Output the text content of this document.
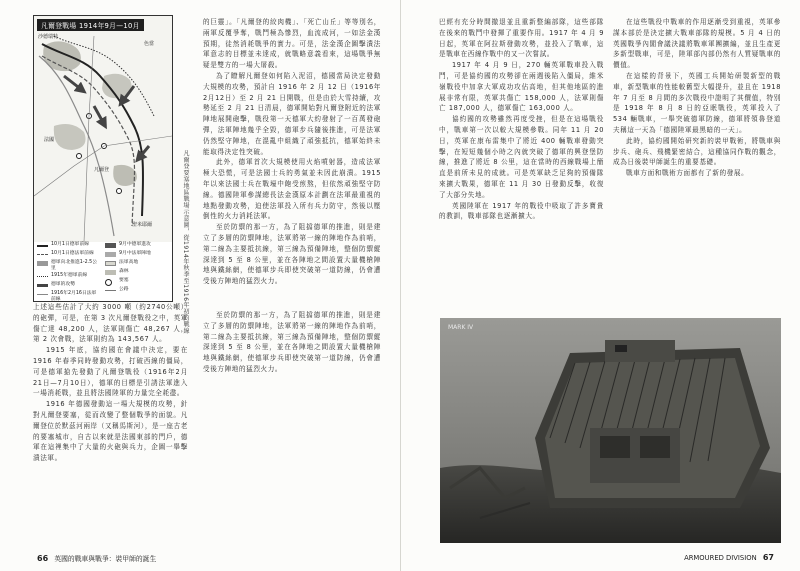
凡爾登戰場 1914年9月—10月
沙德瑞特
法國
色當
凡爾登
聖米耶爾
10月1日德軍前線
10月1日德法軍前線
德軍向北推進1-2.5公里
1915年德軍前線
德軍的攻勢
1916年2月16日法軍前線
9月中德軍進攻
9月中法軍陣地
法軍高地
森林
要塞
公路	凡爾登要塞地區戰場示意圖，從1914年秋季至1916年初的戰線

的巨靈」。「凡爾登的絞肉機」、「死亡山丘」等等別名，兩軍反覆爭奪，戰鬥極為慘烈，血流成河，一如法金漢預期，徒然消耗戰爭的實力。可是，法金漢企圖擊潰法軍意志的目標並未達成，就戰略意義看來，這場戰爭無疑是雙方的一場大屠殺。

為了瞭解凡爾登如何陷入泥沼，德國當局決定發動大規模的攻勢，預計自 1916 年 2 月 12 日（1916年2月12日）至 2 月 21 日開戰，但是由於大雪持續，攻勢延至 2 月 21 日清晨，德軍開始對凡爾登附近的法軍陣地展開砲擊，戰役第一天德軍大約發射了一百萬發砲彈，法軍陣地幾乎全毀，德軍步兵隨後推進，可是法軍仍然堅守陣地，在混亂中組織了頑強抵抗，德軍始終未能取得決定性突破。

此外，德軍首次大規模使用火焰噴射器，造成法軍極大恐慌，可是法國士兵的勇氣並未因此崩潰。1915 年以來法國士兵在戰壕中飽受煎熬，但依然頑強堅守防線。德國陸軍參謀總長法金漢原本計劃在法軍最重視的地點發動攻勢，迫使法軍投入所有兵力防守，然後以壓倒性的火力消耗法軍。

至於防禦的那一方，為了阻擋德軍的推進，則是建立了多層的防禦陣地，法軍將第一線的陣地作為前哨，第二線為主要抵抗線，第三線為預備陣地，整個防禦縱深達到 5 至 8 公里，並在各陣地之間設置大量機槍陣地與鐵絲網，使德軍步兵即使突破第一道防線，仍會遭受後方陣地的猛烈火力。

上述這些估計了大約 3000 噸（約2740公噸）的砲彈，可是，在第 3 次凡爾登戰役之中，英軍傷亡達 48,200 人，法軍則傷亡 48,267 人，第 2 次會戰，法軍則約為 143,567 人。

1915 年底，協約國在會議中決定，要在 1916 年春季同時發動攻勢，打破西線的僵局，可是德軍搶先發動了凡爾登戰役（1916年2月21日—7月10日），德軍的目標是引誘法軍進入一場消耗戰，並且將法國陸軍的力量完全耗盡。

1916 年德國發動這一場大規模的攻勢，針對凡爾登要塞，從而改變了整個戰爭的面貌。凡爾登位於默茲河兩岸（又稱馬斯河），是一座古老的要塞城市，自古以來就是法國東部的門戶，德軍在這裡集中了大量的火砲與兵力，企圖一舉擊潰法軍。

至於防禦的那一方，為了阻擋德軍的推進，則是建立了多層的防禦陣地，法軍將第一線的陣地作為前哨，第二線為主要抵抗線，第三線為預備陣地，整個防禦縱深達到 5 至 8 公里，並在各陣地之間設置大量機槍陣地與鐵絲網，使德軍步兵即使突破第一道防線，仍會遭受後方陣地的猛烈火力。

66 英國的戰車與戰爭：裝甲師的誕生

巴經有充分時間撤退並且重新整編部隊，這些部隊在後來的戰鬥中發揮了重要作用。1917 年 4 月 9 日起，英軍在阿拉斯發動攻勢，並投入了戰車，這是戰車在西線作戰中的又一次嘗試。

1917 年 4 月 9 日，270 輛英軍戰車投入戰鬥，可是協約國的攻勢卻在兩週後陷入僵局，維米嶺戰役中加拿大軍成功攻佔高地，但其他地區的進展非常有限，英軍共傷亡 158,000 人，法軍則傷亡 187,000 人，德軍傷亡 163,000 人。

協約國的攻勢雖然再度受挫，但是在這場戰役中，戰車第一次以較大規模參戰。同年 11 月 20 日，英軍在康布雷集中了將近 400 輛戰車發動突擊，在短短幾個小時之內就突破了德軍的興登堡防線，推進了將近 8 公里，這在當時的西線戰場上簡直是前所未見的成就。可是英軍缺乏足夠的預備隊來擴大戰果，德軍在 11 月 30 日發動反擊，收復了大部分失地。

英國陸軍在 1917 年的戰役中吸取了許多寶貴的教訓，戰車部隊也逐漸擴大。

在這些戰役中戰車的作用逐漸受到重視，英軍參謀本部於是決定擴大戰車部隊的規模。5 月 4 日的英國戰爭內閣會議決議將戰車軍團擴編，並且生產更多新型戰車，可是，陸軍部內部仍然有人質疑戰車的價值。

在這樣的背景下，英國工兵開始研製新型的戰車，新型戰車的性能較舊型大幅提升，並且在 1918 年 7 月至 8 月間的多次戰役中證明了其價值，特別是 1918 年 8 月 8 日的亞眠戰役，英軍投入了 534 輛戰車，一舉突破德軍防線，德軍將領魯登道夫稱這一天為「德國陸軍最黑暗的一天」。

此時，協約國開始研究新的裝甲戰術，將戰車與步兵、砲兵、飛機緊密結合，這種協同作戰的觀念，成為日後裝甲師誕生的重要基礎。

戰車方面和戰術方面都有了新的發展。

MARK IV
ARMOURED DIVISION 67
